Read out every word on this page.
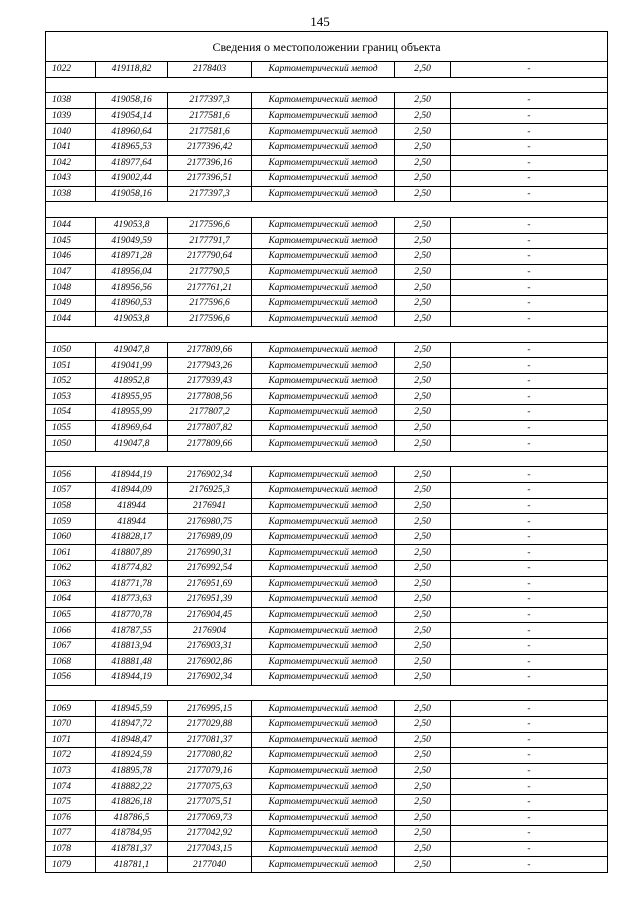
145
Сведения о местоположении границ объекта					
1022	419118,82	2178403	Картометрический метод	2,50	-

1038	419058,16	2177397,3	Картометрический метод	2,50	-
1039	419054,14	2177581,6	Картометрический метод	2,50	-
1040	418960,64	2177581,6	Картометрический метод	2,50	-
1041	418965,53	2177396,42	Картометрический метод	2,50	-
1042	418977,64	2177396,16	Картометрический метод	2,50	-
1043	419002,44	2177396,51	Картометрический метод	2,50	-
1038	419058,16	2177397,3	Картометрический метод	2,50	-

1044	419053,8	2177596,6	Картометрический метод	2,50	-
1045	419049,59	2177791,7	Картометрический метод	2,50	-
1046	418971,28	2177790,64	Картометрический метод	2,50	-
1047	418956,04	2177790,5	Картометрический метод	2,50	-
1048	418956,56	2177761,21	Картометрический метод	2,50	-
1049	418960,53	2177596,6	Картометрический метод	2,50	-
1044	419053,8	2177596,6	Картометрический метод	2,50	-

1050	419047,8	2177809,66	Картометрический метод	2,50	-
1051	419041,99	2177943,26	Картометрический метод	2,50	-
1052	418952,8	2177939,43	Картометрический метод	2,50	-
1053	418955,95	2177808,56	Картометрический метод	2,50	-
1054	418955,99	2177807,2	Картометрический метод	2,50	-
1055	418969,64	2177807,82	Картометрический метод	2,50	-
1050	419047,8	2177809,66	Картометрический метод	2,50	-

1056	418944,19	2176902,34	Картометрический метод	2,50	-
1057	418944,09	2176925,3	Картометрический метод	2,50	-
1058	418944	2176941	Картометрический метод	2,50	-
1059	418944	2176980,75	Картометрический метод	2,50	-
1060	418828,17	2176989,09	Картометрический метод	2,50	-
1061	418807,89	2176990,31	Картометрический метод	2,50	-
1062	418774,82	2176992,54	Картометрический метод	2,50	-
1063	418771,78	2176951,69	Картометрический метод	2,50	-
1064	418773,63	2176951,39	Картометрический метод	2,50	-
1065	418770,78	2176904,45	Картометрический метод	2,50	-
1066	418787,55	2176904	Картометрический метод	2,50	-
1067	418813,94	2176903,31	Картометрический метод	2,50	-
1068	418881,48	2176902,86	Картометрический метод	2,50	-
1056	418944,19	2176902,34	Картометрический метод	2,50	-

1069	418945,59	2176995,15	Картометрический метод	2,50	-
1070	418947,72	2177029,88	Картометрический метод	2,50	-
1071	418948,47	2177081,37	Картометрический метод	2,50	-
1072	418924,59	2177080,82	Картометрический метод	2,50	-
1073	418895,78	2177079,16	Картометрический метод	2,50	-
1074	418882,22	2177075,63	Картометрический метод	2,50	-
1075	418826,18	2177075,51	Картометрический метод	2,50	-
1076	418786,5	2177069,73	Картометрический метод	2,50	-
1077	418784,95	2177042,92	Картометрический метод	2,50	-
1078	418781,37	2177043,15	Картометрический метод	2,50	-
1079	418781,1	2177040	Картометрический метод	2,50	-
